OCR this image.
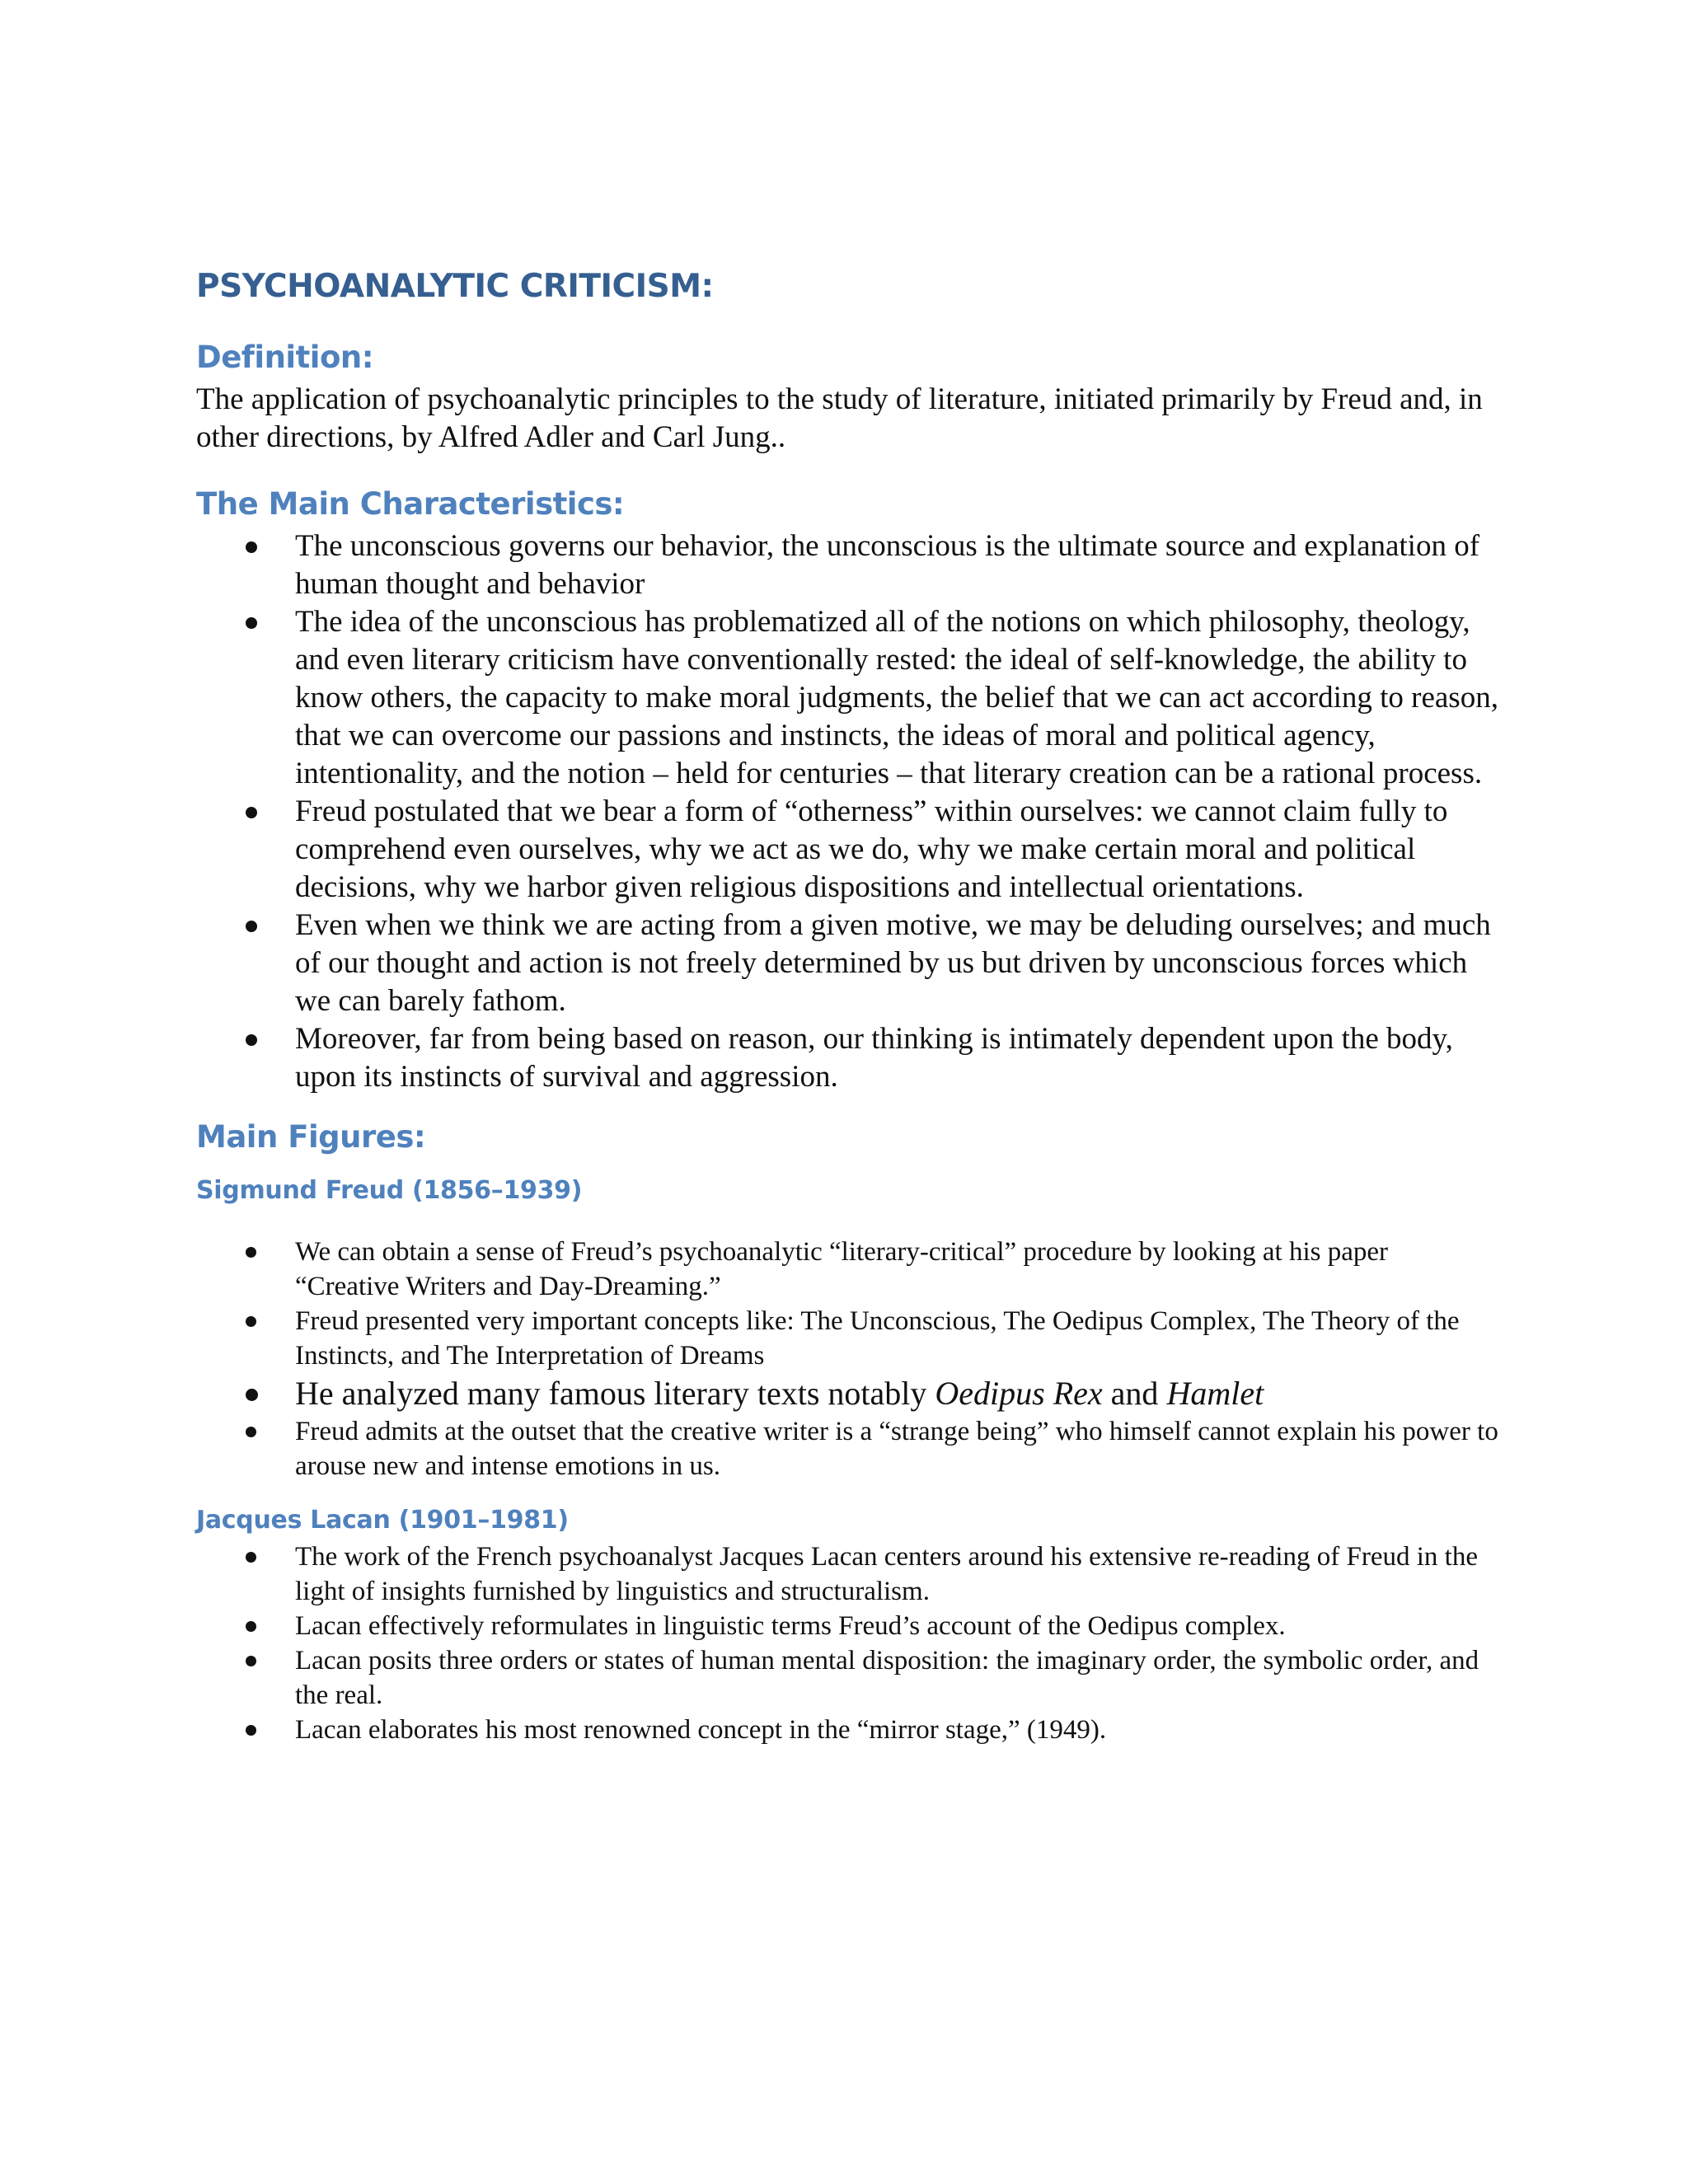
PSYCHOANALYTIC CRITICISM:
Definition:

The application of psychoanalytic principles to the study of literature, initiated primarily by Freud and, in other directions, by Alfred Adler and Carl Jung..

The Main Characteristics:
The unconscious governs our behavior, the unconscious is the ultimate source and explanation of human thought and behavior
The idea of the unconscious has problematized all of the notions on which philosophy, theology, and even literary criticism have conventionally rested: the ideal of self-knowledge, the ability to know others, the capacity to make moral judgments, the belief that we can act according to reason, that we can overcome our passions and instincts, the ideas of moral and political agency, intentionality, and the notion – held for centuries – that literary creation can be a rational process.
Freud postulated that we bear a form of “otherness” within ourselves: we cannot claim fully to comprehend even ourselves, why we act as we do, why we make certain moral and political decisions, why we harbor given religious dispositions and intellectual orientations.
Even when we think we are acting from a given motive, we may be deluding ourselves; and much of our thought and action is not freely determined by us but driven by unconscious forces which we can barely fathom.
Moreover, far from being based on reason, our thinking is intimately dependent upon the body, upon its instincts of survival and aggression.
Main Figures:
Sigmund Freud (1856–1939)
We can obtain a sense of Freud’s psychoanalytic “literary-critical” procedure by looking at his paper “Creative Writers and Day-Dreaming.”
Freud presented very important concepts like: The Unconscious, The Oedipus Complex, The Theory of the Instincts, and The Interpretation of Dreams
He analyzed many famous literary texts notably Oedipus Rex and Hamlet
Freud admits at the outset that the creative writer is a “strange being” who himself cannot explain his power to arouse new and intense emotions in us.
Jacques Lacan (1901–1981)
The work of the French psychoanalyst Jacques Lacan centers around his extensive re-reading of Freud in the light of insights furnished by linguistics and structuralism.
Lacan effectively reformulates in linguistic terms Freud’s account of the Oedipus complex.
Lacan posits three orders or states of human mental disposition: the imaginary order, the symbolic order, and the real.
Lacan elaborates his most renowned concept in the “mirror stage,” (1949).
